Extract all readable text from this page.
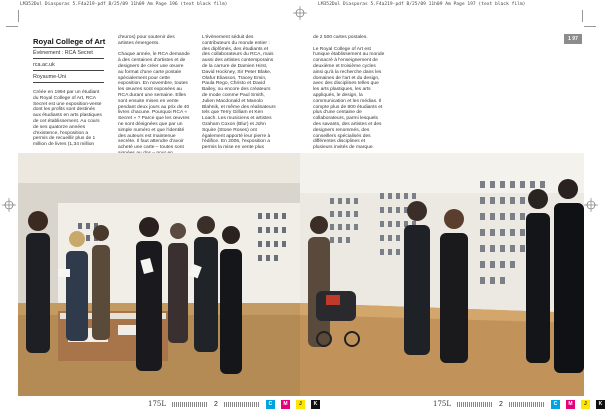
LM352Dol Diasporas 5.F4a219-pdf B/25/09 11h09 Am Page 196 (text black film)	LM352Dol Diasporas 5.F4a219-pdf B/25/09 11h09 Am Page 197 (text black film)
Royal College of Art
Évènement : RCA Secret
rca.ac.uk
Royaume-Uni
1 97

Créée en 1994 par un étudiant du Royal College of Art, RCA Secret est une exposition-vente dont les profits sont destinés aux étudiants en arts plastiques de cet établissement. Au cours de ses quatorze années d'existence, l'exposition a permis de recueillir plus de 1 million de livres (1,34 million

d'euros) pour soutenir des artistes émergents.

Chaque année, le RCA demande à des centaines d'artistes et de designers de créer une œuvre au format d'une carte postale spécialement pour cette exposition. En novembre, toutes les œuvres sont exposées au RCA durant une semaine. Elles sont ensuite mises en vente pendant deux jours au prix de 40 livres chacune. Pourquoi RCA « Secret » ? Parce que les œuvres ne sont désignées que par un simple numéro et que l'identité des auteurs est maintenue secrète. Il faut attendre d'avoir acheté une carte – toutes sont

L'évènement séduit des contributeurs du monde entier : des diplômés, des étudiants et des collaborateurs du RCA, mais aussi des artistes contemporains de la carrure de Damien Hirst, David Hockney, Sir Peter Blake, Olafur Eliasson, Tracey Emin, Paula Rego, Christo et David Bailey, ou encore des créateurs de mode comme Paul Smith, Julien Macdonald et Manolo Blahnik, et même des réalisateurs tels que Terry Gilliam et Ken Loach. Les musiciens et artistes Graham Coxon (Blur) et John Squire (Stone Roses) ont également apporté leur pierre à l'édifice. En 2006, l'exposition a permis la mise en vente plus

de 2 500 cartes postales.

Le Royal College of Art est l'unique établissement au monde consacré à l'enseignement de deuxième et troisième cycles ainsi qu'à la recherche dans les domaines de l'art et du design, avec des disciplines telles que les arts plastiques, les arts appliqués, le design, la communication et les médias. Il compte plus de 800 étudiants et plus d'une centaine de collaborateurs, parmi lesquels des savants, des artistes et des designers renommés, des conseillers spécialisés des différentes disciplines et plusieurs invités de marque.

175L	2	C	M	J	K	175L	2	C	M	J	K
